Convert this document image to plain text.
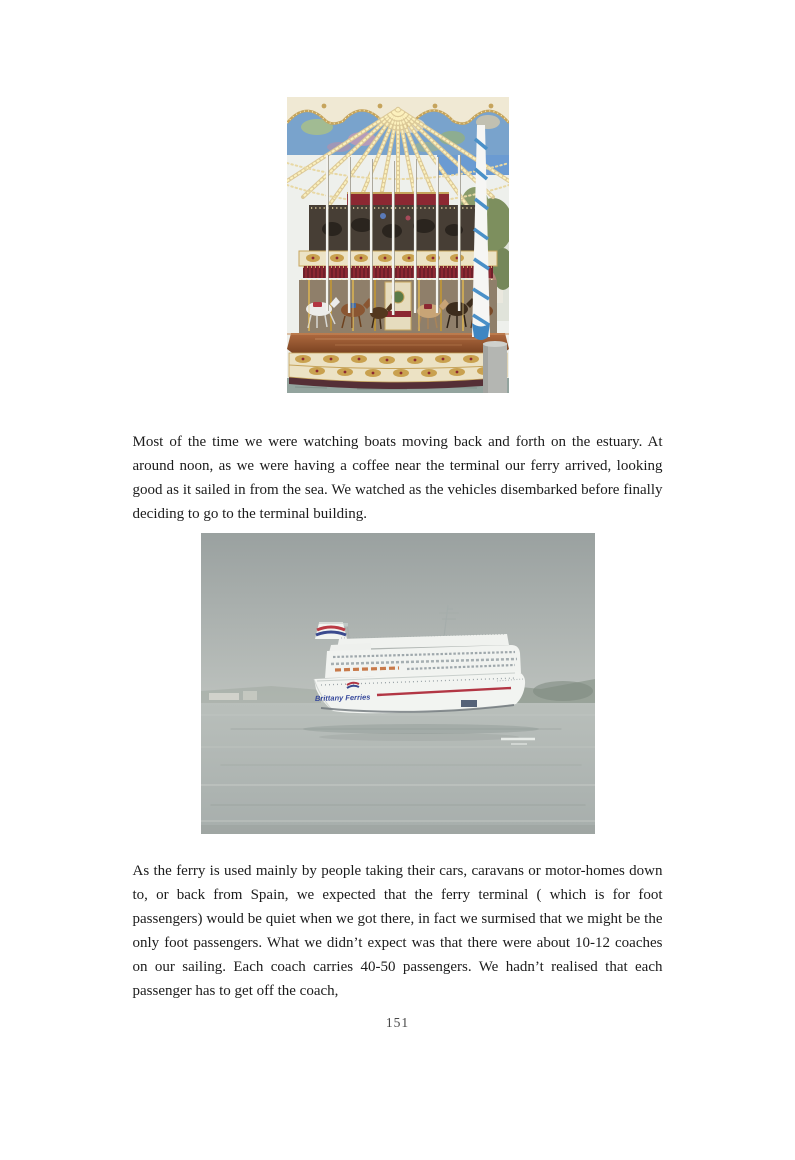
Most of the time we were watching boats moving back and forth on the estuary. At around noon, as we were having a coffee near the terminal our ferry arrived, looking good as it sailed in from the sea. We watched as the vehicles disembarked before finally deciding to go to the terminal building.

Brittany Ferries

As the ferry is used mainly by people taking their cars, caravans or motor-homes down to, or back from Spain, we expected that the ferry terminal ( which is for foot passengers) would be quiet when we got there, in fact we surmised that we might be the only foot passengers. What we didn’t expect was that there were about 10-12 coaches on our sailing. Each coach carries 40-50 passengers. We hadn’t realised that each passenger has to get off the coach,

151
